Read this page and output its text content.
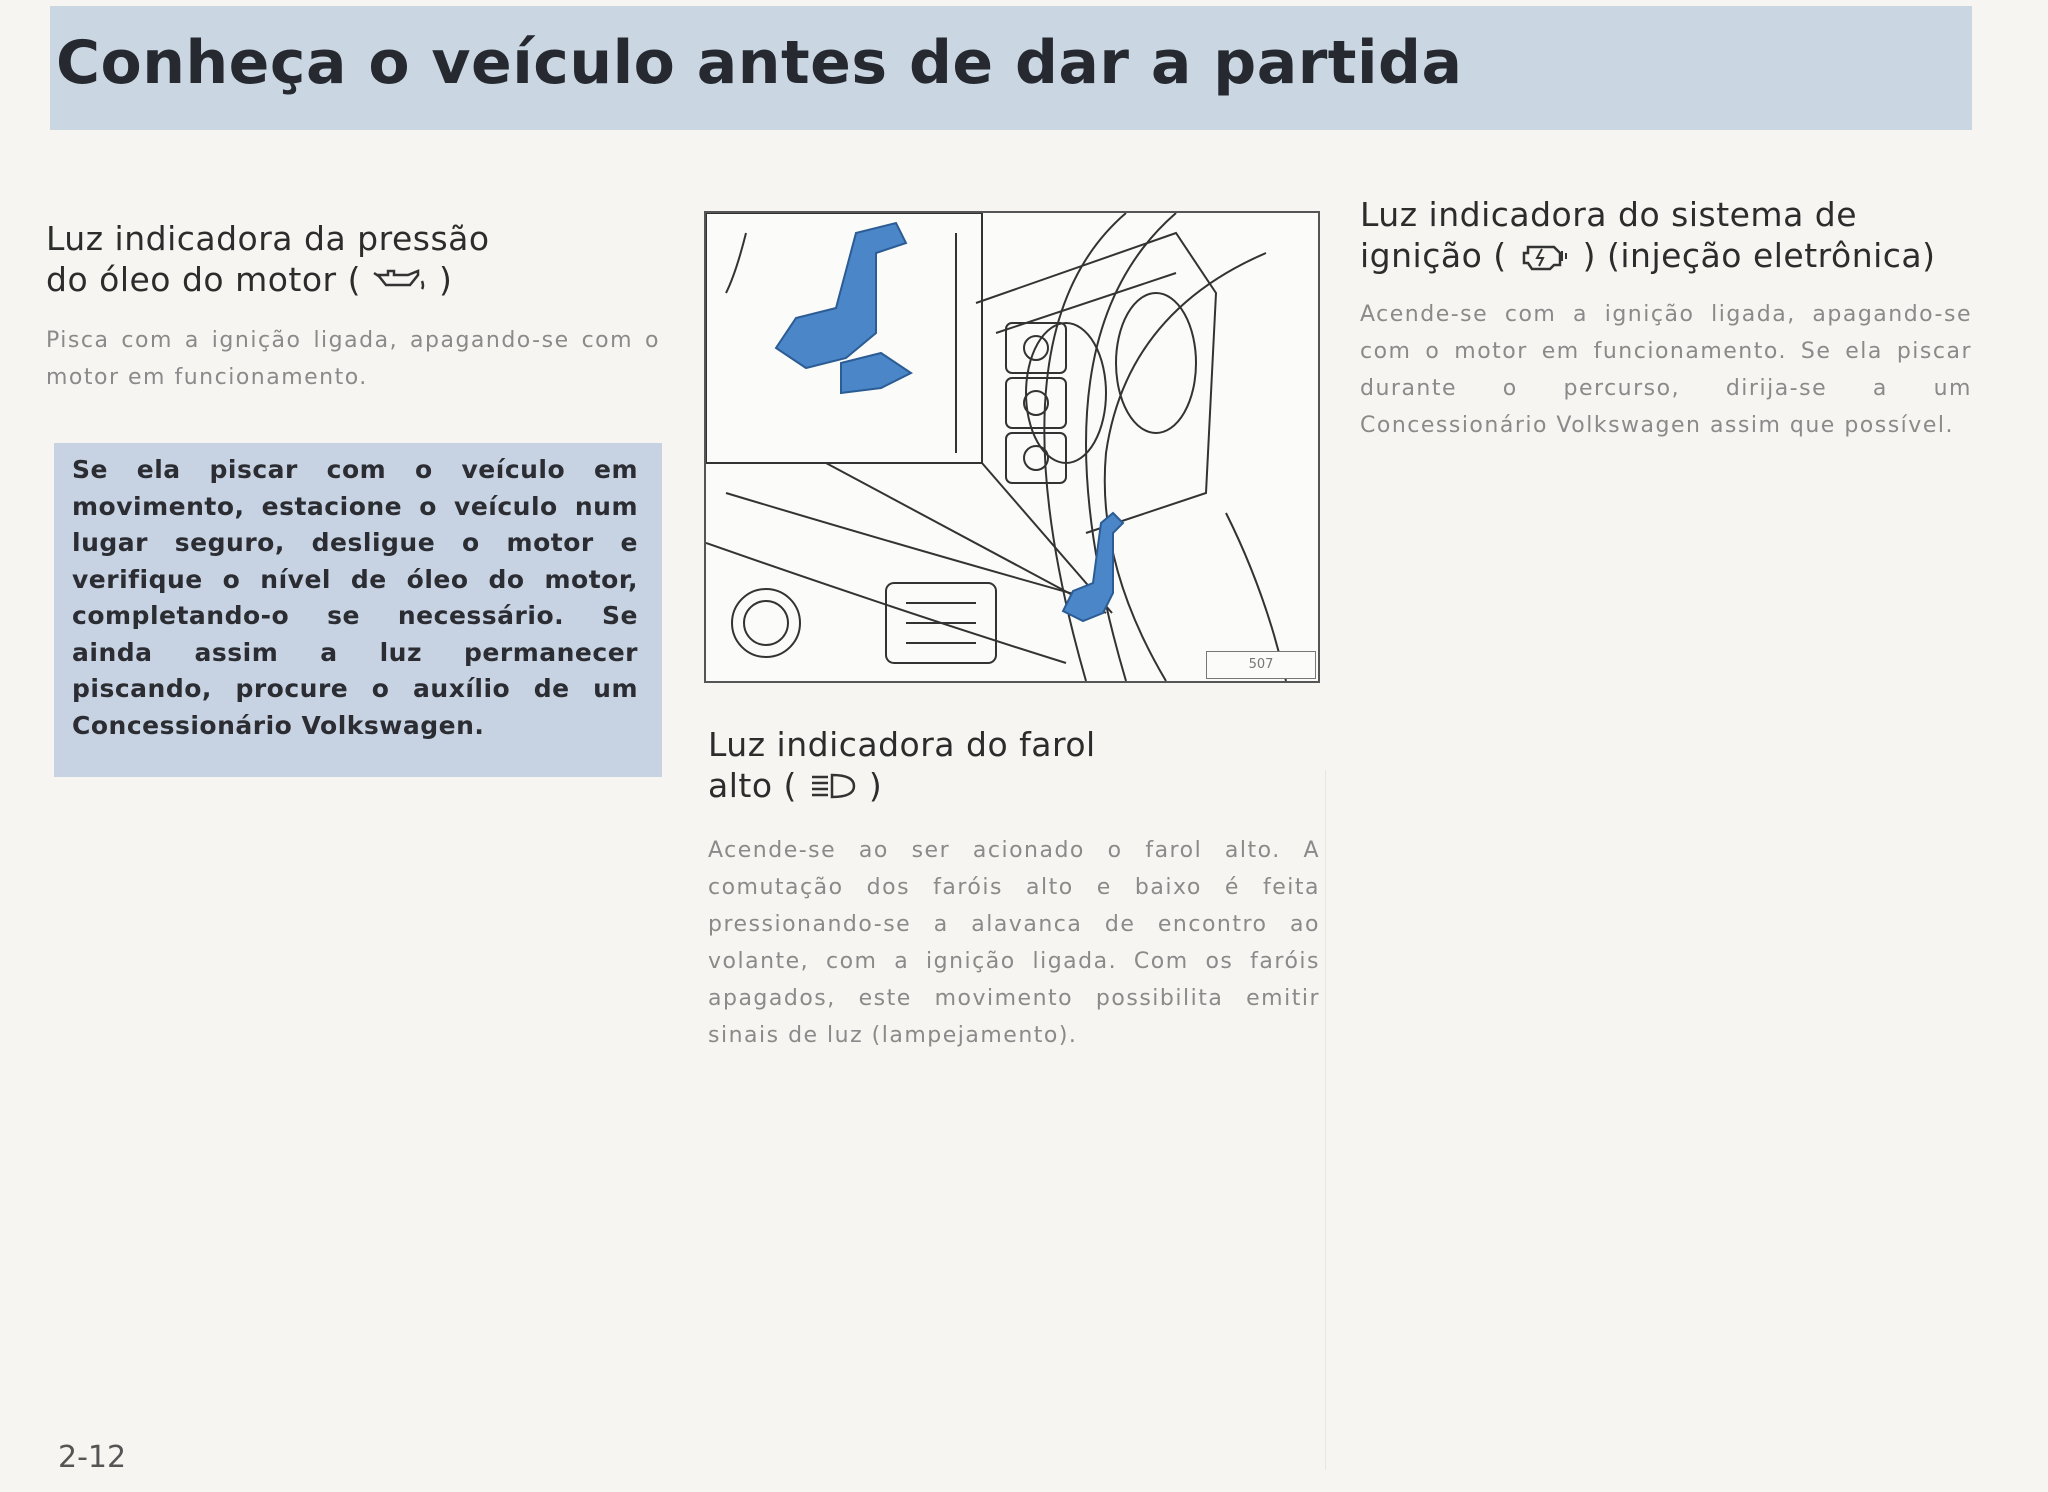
Conheça o veículo antes de dar a partida
Luz indicadora da pressão
do óleo do motor ( )
Pisca com a ignição ligada, apagando-se com o motor em funcionamento.
Se ela piscar com o veículo em movimento, estacione o veículo num lugar seguro, desligue o motor e verifique o nível de óleo do motor, completando-o se necessário. Se ainda assim a luz permanecer piscando, procure o auxílio de um Concessionário Volkswagen.
507
Luz indicadora do farol
alto ( )
Acende-se ao ser acionado o farol alto. A comutação dos faróis alto e baixo é feita pressionando-se a alavanca de encontro ao volante, com a ignição ligada. Com os faróis apagados, este movimento possibilita emitir sinais de luz (lampejamento).
Luz indicadora do sistema de
ignição ( ) (injeção eletrônica)
Acende-se com a ignição ligada, apagando-se com o motor em funcionamento. Se ela piscar durante o percurso, dirija-se a um Concessionário Volkswagen assim que possível.
2-12
